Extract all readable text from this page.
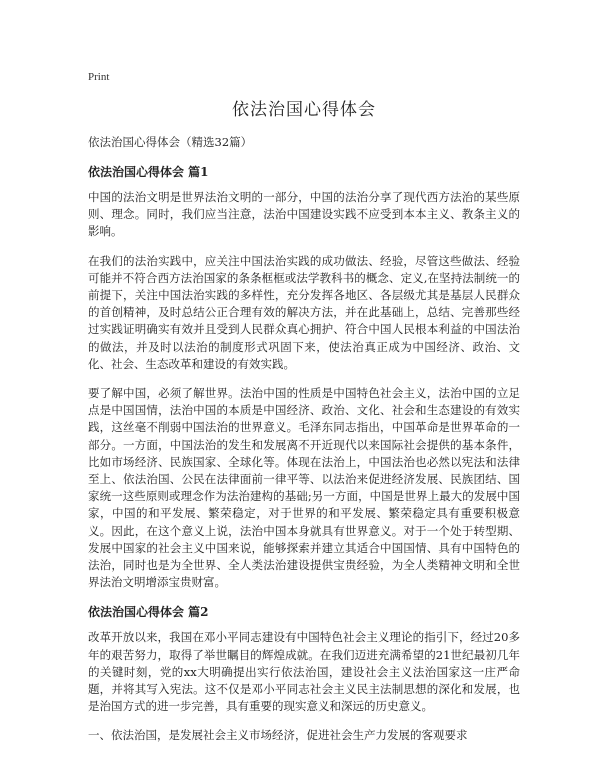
Print
依法治国心得体会

依法治国心得体会（精选32篇）

依法治国心得体会 篇1

中国的法治文明是世界法治文明的一部分，中国的法治分享了现代西方法治的某些原则、理念。同时，我们应当注意，法治中国建设实践不应受到本本主义、教条主义的影响。

在我们的法治实践中，应关注中国法治实践的成功做法、经验，尽管这些做法、经验可能并不符合西方法治国家的条条框框或法学教科书的概念、定义,在坚持法制统一的前提下，关注中国法治实践的多样性，充分发挥各地区、各层级尤其是基层人民群众的首创精神，及时总结公正合理有效的解决方法，并在此基础上，总结、完善那些经过实践证明确实有效并且受到人民群众真心拥护、符合中国人民根本利益的中国法治的做法，并及时以法治的制度形式巩固下来，使法治真正成为中国经济、政治、文化、社会、生态改革和建设的有效实践。

要了解中国，必须了解世界。法治中国的性质是中国特色社会主义，法治中国的立足点是中国国情，法治中国的本质是中国经济、政治、文化、社会和生态建设的有效实践，这丝毫不削弱中国法治的世界意义。毛泽东同志指出，中国革命是世界革命的一部分。一方面，中国法治的发生和发展离不开近现代以来国际社会提供的基本条件，比如市场经济、民族国家、全球化等。体现在法治上，中国法治也必然以宪法和法律至上、依法治国、公民在法律面前一律平等、以法治来促进经济发展、民族团结、国家统一这些原则或理念作为法治建构的基础;另一方面，中国是世界上最大的发展中国家，中国的和平发展、繁荣稳定，对于世界的和平发展、繁荣稳定具有重要积极意义。因此，在这个意义上说，法治中国本身就具有世界意义。对于一个处于转型期、发展中国家的社会主义中国来说，能够探索并建立其适合中国国情、具有中国特色的法治，同时也是为全世界、全人类法治建设提供宝贵经验，为全人类精神文明和全世界法治文明增添宝贵财富。

依法治国心得体会 篇2

改革开放以来，我国在邓小平同志建设有中国特色社会主义理论的指引下，经过20多年的艰苦努力，取得了举世瞩目的辉煌成就。在我们迈进充满希望的21世纪最初几年的关键时刻，党的xx大明确提出实行依法治国，建设社会主义法治国家这一庄严命题，并将其写入宪法。这不仅是邓小平同志社会主义民主法制思想的深化和发展，也是治国方式的进一步完善，具有重要的现实意义和深远的历史意义。

一、依法治国，是发展社会主义市场经济，促进社会生产力发展的客观要求
